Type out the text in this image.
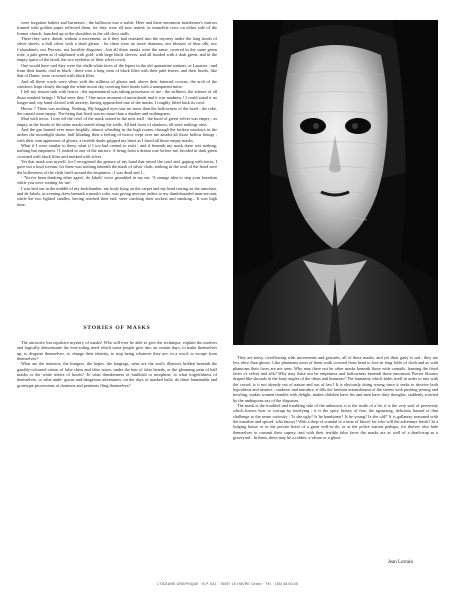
were forgotten halters and harnesses ; the ballroom was a stable. Here and there enormous hairdresser's mirrors framed with golden paper reflected them, for they were all now seated, in immobile rows on either side of the former church, hunched up to the shoulders in the old choir stalls.

There they were, dumb, without a movement, as if they had retreated into the mystery under the long hoods of silver sheets, a dull silver with a dead gleam : for there were no more dominos, nor blouses of blue silk, nor Columbines, nor Pierrots, nor horrible disguises ; but all these masks were the same, covered in the same green robe, a pale green as if sulphured with gold, with large black sleeves, and all hooded with a dark green, and in the empty space of the hood, the two eyeholes of their silver cowls.

One would have said they were the chalk-white faces of the lepers in the old quarantine stations, or Lazarets ; and from their hands, clad in black ; there rose a long stem of black lilies with their pale leaves, and their hoods, like that of Dante, were crowned with black lilies.

And all these cowls were silent with the stillness of ghosts and, above their funereal crowns, the arch of the windows leapt clearly through the white moon sky covering their heads with a transparent mitre.

I felt my reason sink with horror ; the supernatural was taking possession of me : the stiffness, the silence of all those masked beings ! What were they ? One more moment of uncertitude and it was madness ! I could stand it no longer and, my hand clawed with anxiety, having approached one of the masks, I roughly lifted back its cowl.

Horror ? There was nothing. Nothing. My haggard eyes saw no more than the hollowness of the hood ; the robe, the camail were empty. The being that lived was no more than a shadow and nothingness.

Mad with terror, I tore off the cowl of the mask seated in the next stall : the hood of green velvet was empty ; as empty as the hoods of the other masks seated along the walls. All had faces of shadows, all were nothing- ness.

And the gas burned ever more brightly, almost whistling in the high rooms, through the broken windows in the arches the moonlight shone, half blinding then a feeling of horror crept over me amidst all those hollow beings ; with their vain apperance of ghosts, a terrible doubt gripped my heart as I faced all those empty masks.

What if I were similar to them, what if I too had ceased to exist ; and if beneath my mask there was nothing, nothing but emptiness ! I rushed to one of the mirrors. A being from a dream rose before me, hooded in dark green crowned with black lilies and masked with silver.

Yet that mask was myself, for I recognised the gesture of my hand that raised the cowl and, gaping with terror, I gave out a loud scream, for there was nothing beneath the mask of silver cloth, nothing in the oval of the hood save the hollowness of the cloth itself around the emptiness ; I was dead and I...

- 'You've been drinking ether again', de Jakels' voice grumbled in my ear. 'A strange idea to step your boredom while you were waiting for me'.

I was laid out in the middle of my bedchamber, my body lying on the carpet and my head resting on the armchair, and de Jakels, in evening dress beneath a monk's robe, was giving nervous orders to my dumbfounded man-servant, while the two lighted candles, having reached their end, were cracking their sockets and smoking... It was high time.

STORIES OF MASKS

The attractive but repulsive mystery of masks! Who will ever be able to give the technique, explain the motives and logically demonstrate the ever-ruling need which some people give into on certain days, to make themselves up, to disguise themselves, to change their identity, to stop being whatever they are, in a word, to escape from themselves?

What are the instincts, the hungers, the hopes, the longings, what are the soul's illnesses hidden beneath the gaudily-coloured carton of false chins and false noses, under the hair of false beards, or the gleaming satin of half masks or the white sheets of hoods? To what drunkenness of hashhish or morphine, to what forgetfulness of themselves, to what ambi- guous and dangerous adventures, on the days of masked balls, do these lamentable and grotesque processions of dominos and penitents fling themselves?

They are noisy, overflowing with movements and gestures, all of these masks, and yet their gaity is sad ; they are less alive than ghosts. Like phantoms most of them walk covered from head to foot in long folds of cloth and as with phantoms their faces are not seen. Why may there not be other masks beneath those wide carnails, framing the fixed faces of velvet and silk? Why may there not be emptiness and hollowness beneath those enormous Pierrot blouses draped like shrouds in the bony angles of the tibias and humerus? The humanity which hides itself in order to mix with the crowd, is it not already out of nature and out of law? It is obviously doing wrong since it seeks to deceive both hypothesis and instinct : sardonic and macabre, it fills the hesitant astonishment of the streets with pushing jeering and howling, makes women tremble with delight, makes children have fits and men have dirty thoughts, suddenly worried by the ambiguous sex of the disguises.

The mask is the troubled and troubling side of the unknown, it is the smile of a lie, it is the very soul of perversity which knows how to corrupt by terrifying ; it is the spicy luxury of fear, the agonizing, delicious hazard of that challenge to the sense curiosity : 'Is she ugly? Is he handsome? Is he young? Is she old?' It is gallantry seasoned with the macabre and spiced, who knows? With a drop of scandal or a taste of blood; for who will the adventure finish? In a lodging house or in the private hotel of a great well-to-do, or at the police station perhaps, for thieves also hide themselves to commit their cupery, and with their terrible false faces the masks are as well of a death-trap as a graveyard : In them, there may be a robber, a whore or a ghost.

Jean Lorrain
L'OCEANE GRAPHIQUE · B.P. 631 · 76057 LE HAVRE Cedex · Tél. : (35) 48.60.45
